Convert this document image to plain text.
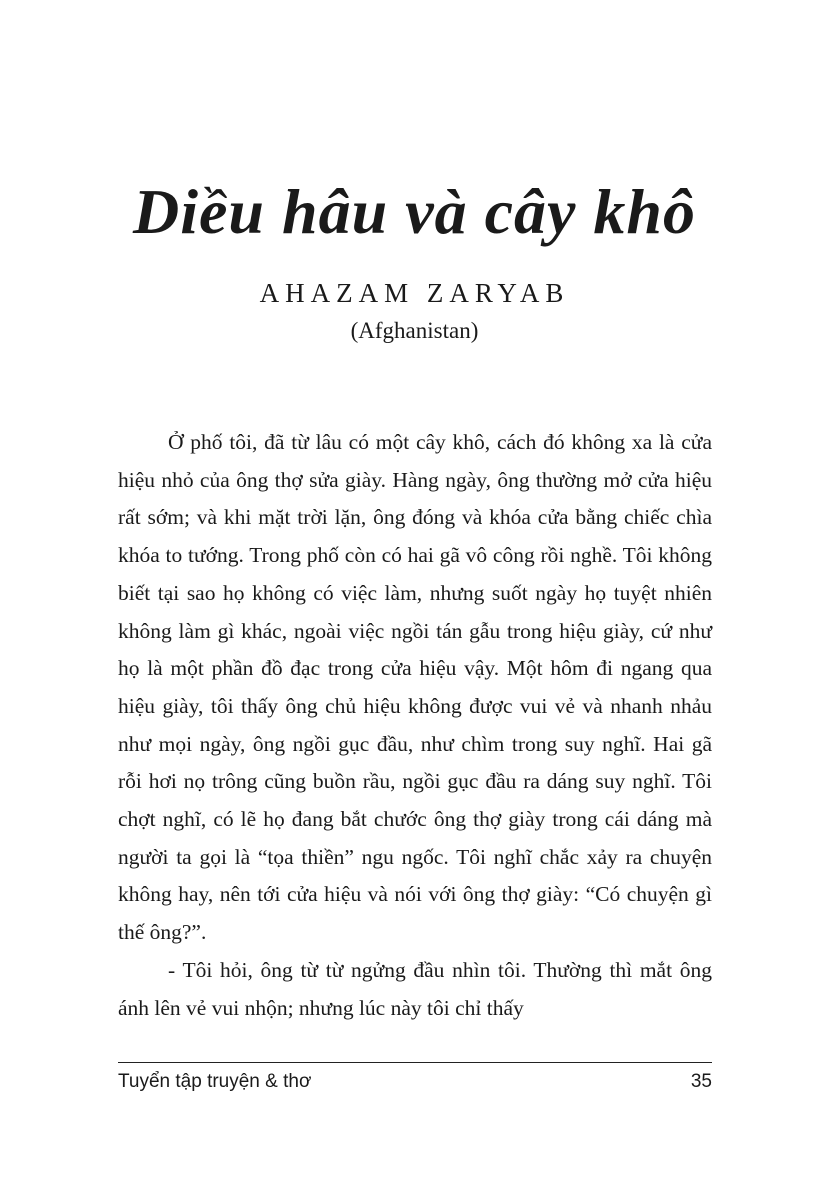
Diều hâu và cây khô
AHAZAM ZARYAB
(Afghanistan)

Ở phố tôi, đã từ lâu có một cây khô, cách đó không xa là cửa hiệu nhỏ của ông thợ sửa giày. Hàng ngày, ông thường mở cửa hiệu rất sớm; và khi mặt trời lặn, ông đóng và khóa cửa bằng chiếc chìa khóa to tướng. Trong phố còn có hai gã vô công rồi nghề. Tôi không biết tại sao họ không có việc làm, nhưng suốt ngày họ tuyệt nhiên không làm gì khác, ngoài việc ngồi tán gẫu trong hiệu giày, cứ như họ là một phần đồ đạc trong cửa hiệu vậy. Một hôm đi ngang qua hiệu giày, tôi thấy ông chủ hiệu không được vui vẻ và nhanh nhảu như mọi ngày, ông ngồi gục đầu, như chìm trong suy nghĩ. Hai gã rỗi hơi nọ trông cũng buồn rầu, ngồi gục đầu ra dáng suy nghĩ. Tôi chợt nghĩ, có lẽ họ đang bắt chước ông thợ giày trong cái dáng mà người ta gọi là “tọa thiền” ngu ngốc. Tôi nghĩ chắc xảy ra chuyện không hay, nên tới cửa hiệu và nói với ông thợ giày: “Có chuyện gì thế ông?”.

- Tôi hỏi, ông từ từ ngửng đầu nhìn tôi. Thường thì mắt ông ánh lên vẻ vui nhộn; nhưng lúc này tôi chỉ thấy

Tuyển tập truyện & thơ	35
